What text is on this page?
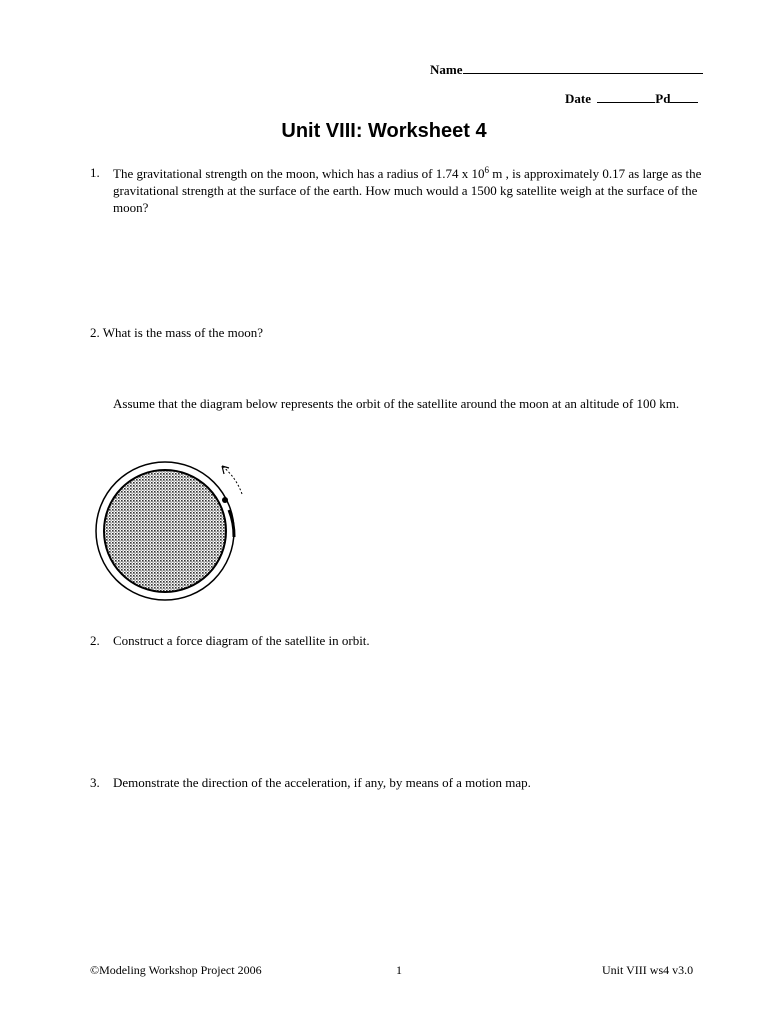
Name
Date	Pd
Unit VIII: Worksheet 4
1. The gravitational strength on the moon, which has a radius of 1.74 x $10^6$ m , is approximately 0.17 as large as the gravitational strength at the surface of the earth. How much would a 1500 kg satellite weigh at the surface of the moon?
2. What is the mass of the moon?
Assume that the diagram below represents the orbit of the satellite around the moon at an altitude of 100 km.
2. Construct a force diagram of the satellite in orbit.
3. Demonstrate the direction of the acceleration, if any, by means of a motion map.
©Modeling Workshop Project 2006	1	Unit VIII ws4 v3.0
